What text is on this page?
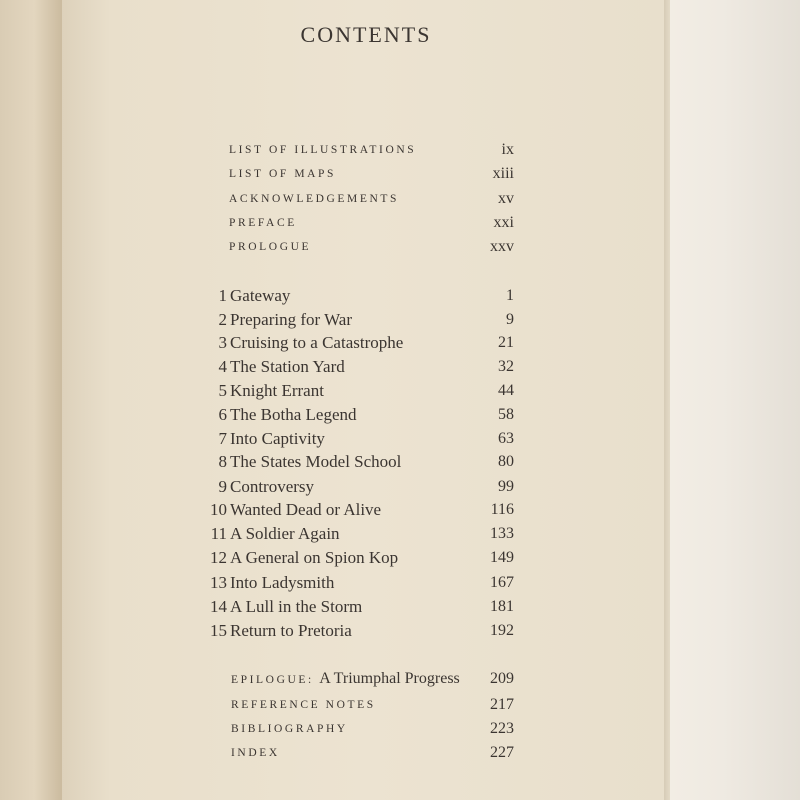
CONTENTS
LIST OF ILLUSTRATIONS	ix
LIST OF MAPS	xiii
ACKNOWLEDGEMENTS	xv
PREFACE	xxi
PROLOGUE	xxv
1 Gateway	1
2 Preparing for War	9
3 Cruising to a Catastrophe	21
4 The Station Yard	32
5 Knight Errant	44
6 The Botha Legend	58
7 Into Captivity	63
8 The States Model School	80
9 Controversy	99
10 Wanted Dead or Alive	116
11 A Soldier Again	133
12 A General on Spion Kop	149
13 Into Ladysmith	167
14 A Lull in the Storm	181
15 Return to Pretoria	192
EPILOGUE: A Triumphal Progress 209
REFERENCE NOTES	217
BIBLIOGRAPHY	223
INDEX	227
